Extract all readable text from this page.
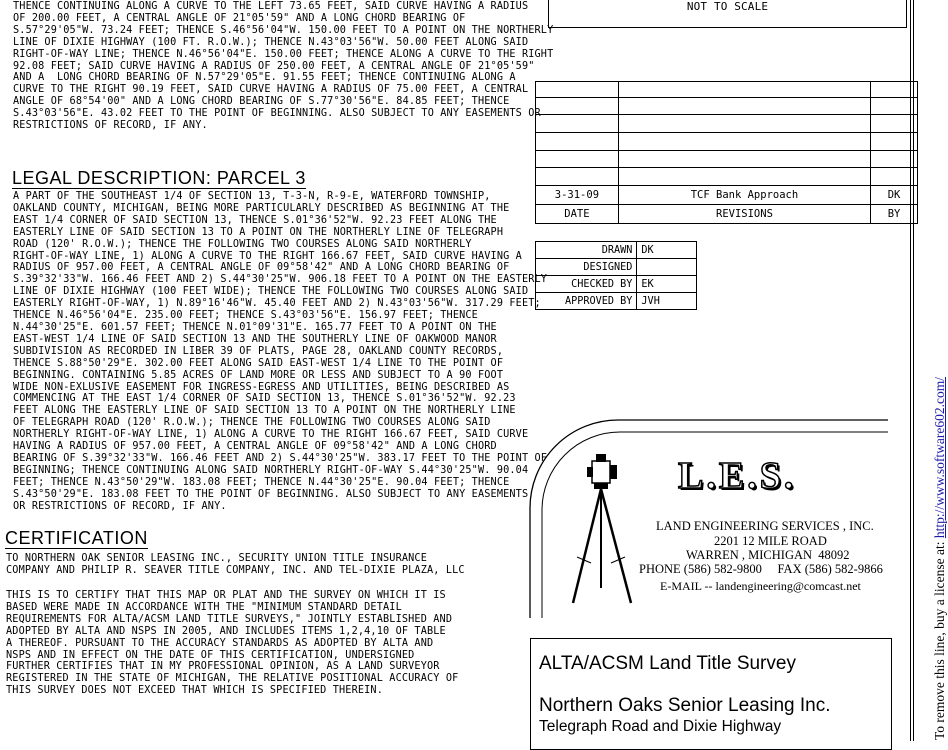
THENCE CONTINUING ALONG A CURVE TO THE LEFT 73.65 FEET, SAID CURVE HAVING A RADIUS
OF 200.00 FEET, A CENTRAL ANGLE OF 21°05'59" AND A LONG CHORD BEARING OF
S.57°29'05"W. 73.24 FEET; THENCE S.46°56'04"W. 150.00 FEET TO A POINT ON THE NORTHERLY
LINE OF DIXIE HIGHWAY (100 FT. R.O.W.); THENCE N.43°03'56"W. 50.00 FEET ALONG SAID
RIGHT-OF-WAY LINE; THENCE N.46°56'04"E. 150.00 FEET; THENCE ALONG A CURVE TO THE RIGHT
92.08 FEET; SAID CURVE HAVING A RADIUS OF 250.00 FEET, A CENTRAL ANGLE OF 21°05'59"
AND A  LONG CHORD BEARING OF N.57°29'05"E. 91.55 FEET; THENCE CONTINUING ALONG A
CURVE TO THE RIGHT 90.19 FEET, SAID CURVE HAVING A RADIUS OF 75.00 FEET, A CENTRAL
ANGLE OF 68°54'00" AND A LONG CHORD BEARING OF S.77°30'56"E. 84.85 FEET; THENCE
S.43°03'56"E. 43.02 FEET TO THE POINT OF BEGINNING. ALSO SUBJECT TO ANY EASEMENTS OR
RESTRICTIONS OF RECORD, IF ANY.
LEGAL DESCRIPTION: PARCEL 3
A PART OF THE SOUTHEAST 1/4 OF SECTION 13, T-3-N, R-9-E, WATERFORD TOWNSHIP,
OAKLAND COUNTY, MICHIGAN, BEING MORE PARTICULARLY DESCRIBED AS BEGINNING AT THE
EAST 1/4 CORNER OF SAID SECTION 13, THENCE S.01°36'52"W. 92.23 FEET ALONG THE
EASTERLY LINE OF SAID SECTION 13 TO A POINT ON THE NORTHERLY LINE OF TELEGRAPH
ROAD (120' R.O.W.); THENCE THE FOLLOWING TWO COURSES ALONG SAID NORTHERLY
RIGHT-OF-WAY LINE, 1) ALONG A CURVE TO THE RIGHT 166.67 FEET, SAID CURVE HAVING A
RADIUS OF 957.00 FEET, A CENTRAL ANGLE OF 09°58'42" AND A LONG CHORD BEARING OF
S.39°32'33"W. 166.46 FEET AND 2) S.44°30'25"W. 906.18 FEET TO A POINT ON THE EASTERLY
LINE OF DIXIE HIGHWAY (100 FEET WIDE); THENCE THE FOLLOWING TWO COURSES ALONG SAID
EASTERLY RIGHT-OF-WAY, 1) N.89°16'46"W. 45.40 FEET AND 2) N.43°03'56"W. 317.29 FEET;
THENCE N.46°56'04"E. 235.00 FEET; THENCE S.43°03'56"E. 156.97 FEET; THENCE
N.44°30'25"E. 601.57 FEET; THENCE N.01°09'31"E. 165.77 FEET TO A POINT ON THE
EAST-WEST 1/4 LINE OF SAID SECTION 13 AND THE SOUTHERLY LINE OF OAKWOOD MANOR
SUBDIVISION AS RECORDED IN LIBER 39 OF PLATS, PAGE 28, OAKLAND COUNTY RECORDS,
THENCE S.88°50'29"E. 302.00 FEET ALONG SAID EAST-WEST 1/4 LINE TO THE POINT OF
BEGINNING. CONTAINING 5.85 ACRES OF LAND MORE OR LESS AND SUBJECT TO A 90 FOOT
WIDE NON-EXLUSIVE EASEMENT FOR INGRESS-EGRESS AND UTILITIES, BEING DESCRIBED AS
COMMENCING AT THE EAST 1/4 CORNER OF SAID SECTION 13, THENCE S.01°36'52"W. 92.23
FEET ALONG THE EASTERLY LINE OF SAID SECTION 13 TO A POINT ON THE NORTHERLY LINE
OF TELEGRAPH ROAD (120' R.O.W.); THENCE THE FOLLOWING TWO COURSES ALONG SAID
NORTHERLY RIGHT-OF-WAY LINE, 1) ALONG A CURVE TO THE RIGHT 166.67 FEET, SAID CURVE
HAVING A RADIUS OF 957.00 FEET, A CENTRAL ANGLE OF 09°58'42" AND A LONG CHORD
BEARING OF S.39°32'33"W. 166.46 FEET AND 2) S.44°30'25"W. 383.17 FEET TO THE POINT OF
BEGINNING; THENCE CONTINUING ALONG SAID NORTHERLY RIGHT-OF-WAY S.44°30'25"W. 90.04
FEET; THENCE N.43°50'29"W. 183.08 FEET; THENCE N.44°30'25"E. 90.04 FEET; THENCE
S.43°50'29"E. 183.08 FEET TO THE POINT OF BEGINNING. ALSO SUBJECT TO ANY EASEMENTS
OR RESTRICTIONS OF RECORD, IF ANY.
CERTIFICATION
TO NORTHERN OAK SENIOR LEASING INC., SECURITY UNION TITLE INSURANCE
COMPANY AND PHILIP R. SEAVER TITLE COMPANY, INC. AND TEL-DIXIE PLAZA, LLC
THIS IS TO CERTIFY THAT THIS MAP OR PLAT AND THE SURVEY ON WHICH IT IS
BASED WERE MADE IN ACCORDANCE WITH THE "MINIMUM STANDARD DETAIL
REQUIREMENTS FOR ALTA/ACSM LAND TITLE SURVEYS," JOINTLY ESTABLISHED AND
ADOPTED BY ALTA AND NSPS IN 2005, AND INCLUDES ITEMS 1,2,4,10 OF TABLE
A THEREOF. PURSUANT TO THE ACCURACY STANDARDS AS ADOPTED BY ALTA AND
NSPS AND IN EFFECT ON THE DATE OF THIS CERTIFICATION, UNDERSIGNED
FURTHER CERTIFIES THAT IN MY PROFESSIONAL OPINION, AS A LAND SURVEYOR
REGISTERED IN THE STATE OF MICHIGAN, THE RELATIVE POSITIONAL ACCURACY OF
THIS SURVEY DOES NOT EXCEED THAT WHICH IS SPECIFIED THEREIN.
NOT TO SCALE

3-31-09	TCF Bank Approach	DK
DATE	REVISIONS	BY
DRAWN	DK
DESIGNED	
CHECKED BY	EK
APPROVED BY	JVH
L.E.S.
LAND ENGINEERING SERVICES , INC.
2201 12 MILE ROAD
WARREN , MICHIGAN  48092
PHONE (586) 582-9800     FAX (586) 582-9866
E-MAIL -- landengineering@comcast.net
ALTA/ACSM Land Title Survey
Northern Oaks Senior Leasing Inc.
Telegraph Road and Dixie Highway	To remove this line, buy a license at: http://www.software602.com/
